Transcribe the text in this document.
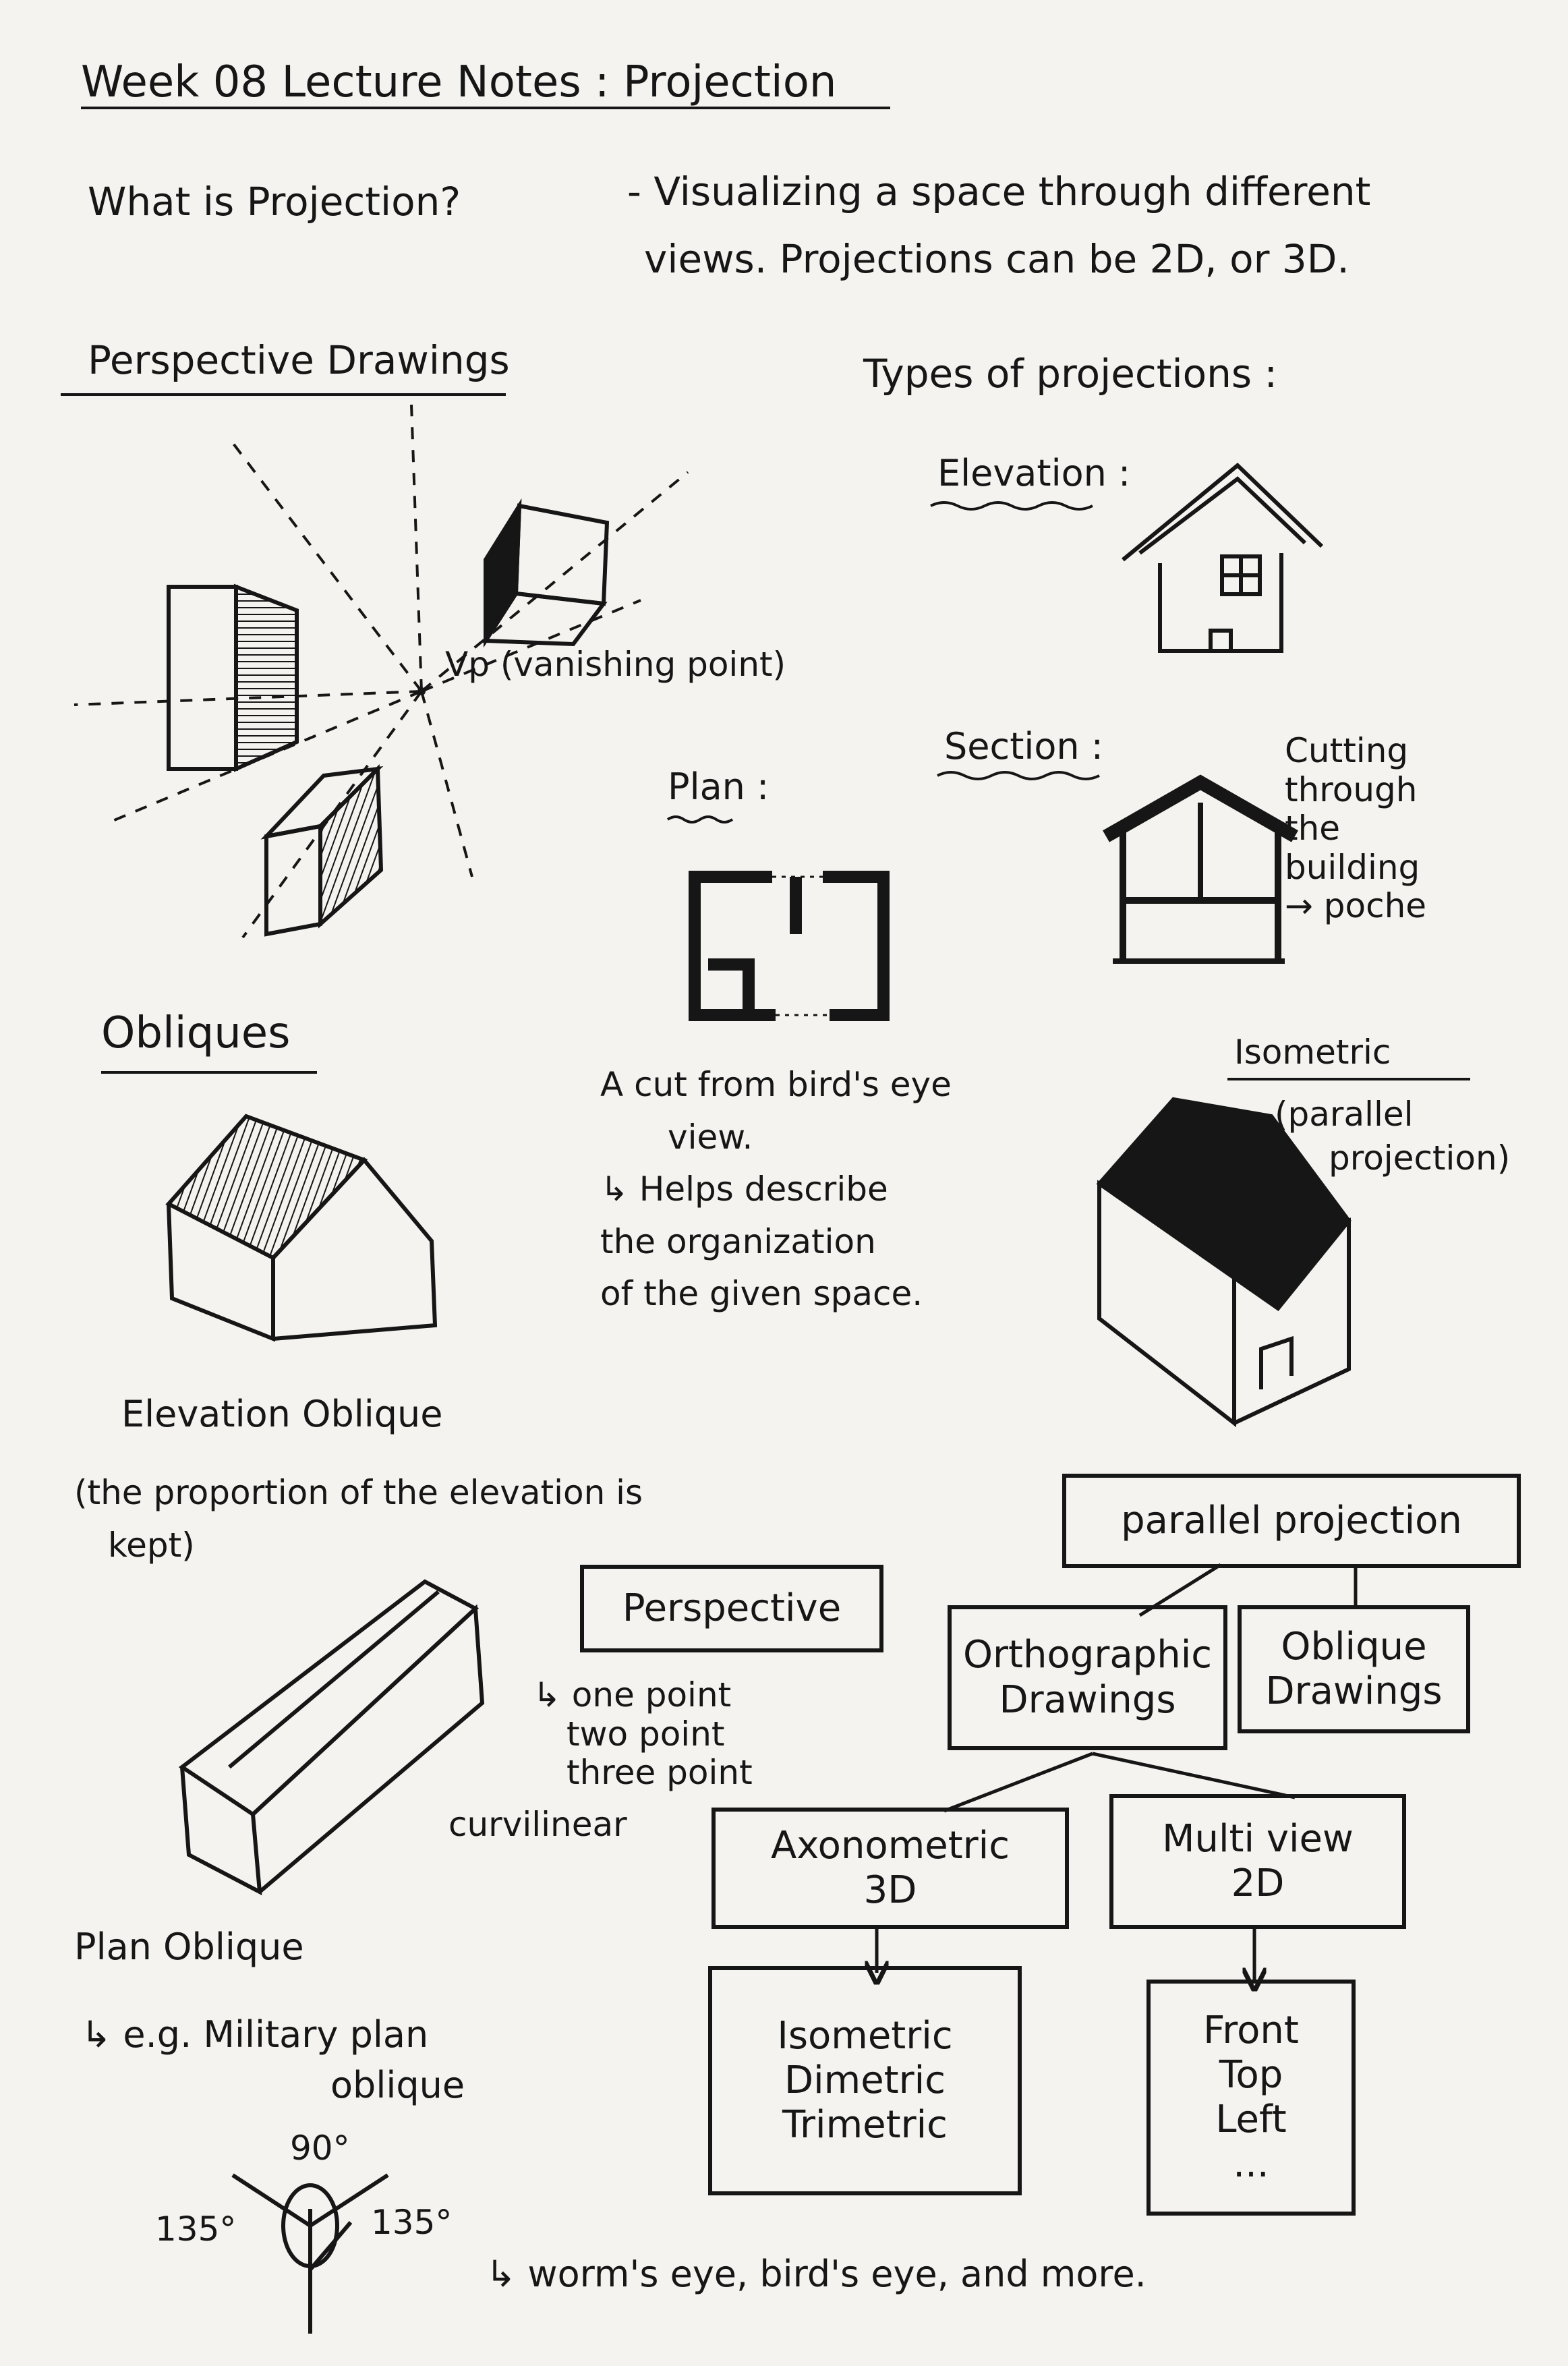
Week 08 Lecture Notes : Projection
What is Projection?	- Visualizing a space through different
views. Projections can be 2D, or 3D.
Perspective Drawings
Vp (vanishing point)
Types of projections :
Elevation :
Section :	Cutting
through
the
building
→ poche
Plan :
A cut from bird's eye
view.
↳ Helps describe
the organization
of the given space.
Isometric
(parallel
projection)
Obliques
Elevation Oblique
(the proportion of the elevation is
kept)
Plan Oblique
↳ e.g. Military plan
oblique
90°
135°	135°
Perspective
↳ one point
two point
three point
curvilinear
parallel projection
Orthographic
Drawings
Oblique
Drawings
Axonometric
3D
Multi view
2D
Isometric
Dimetric
Trimetric
Front
Top
Left
...
↳ worm's eye, bird's eye, and more.
